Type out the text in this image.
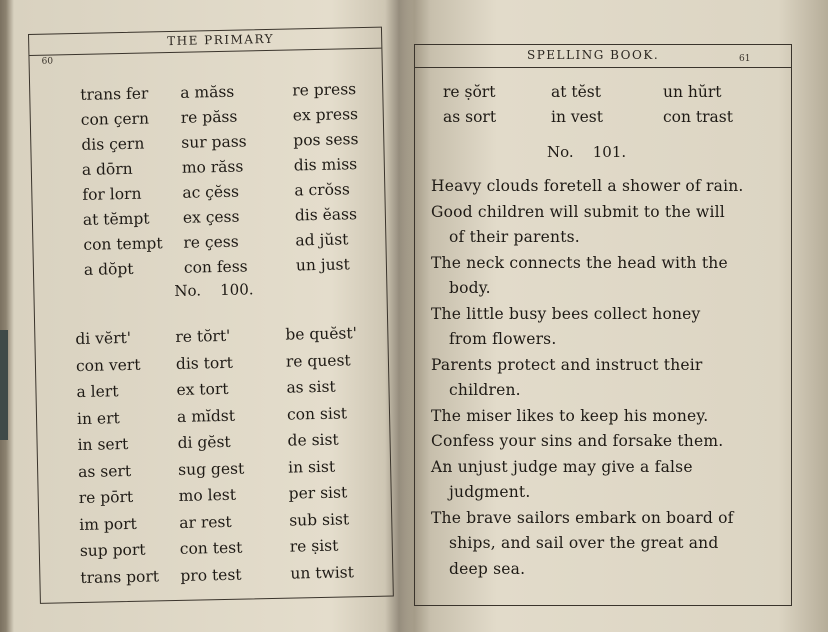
THE PRIMARY
60
trans fer
con çern
dis çern
a dōrn
for lorn
at tĕmpt
con tempt
a dŏpt
a măss
re păss
sur pass
mo răss
ac çĕss
ex çess
re çess
con fess
re press
ex press
pos sess
dis miss
a crŏss
dis ĕass
ad jŭst
un just
No.    100.
di vĕrt'
con vert
a lert
in ert
in sert
as sert
re pōrt
im port
sup port
trans port
re tŏrt'
dis tort
ex tort
a mĭdst
di gĕst
sug gest
mo lest
ar rest
con test
pro test
be quĕst'
re quest
as sist
con sist
de sist
in sist
per sist
sub sist
re ṣist
un twist
SPELLING BOOK.	61
re ṣŏrt
as sort
at tĕst
in vest
un hŭrt
con trast
No.    101.
Heavy clouds foretell a shower of rain.
Good children will submit to the will
of their parents.
The neck connects the head with the
body.
The little busy bees collect honey
from flowers.
Parents protect and instruct their
children.
The miser likes to keep his money.
Confess your sins and forsake them.
An unjust judge may give a false
judgment.
The brave sailors embark on board of
ships, and sail over the great and
deep sea.
